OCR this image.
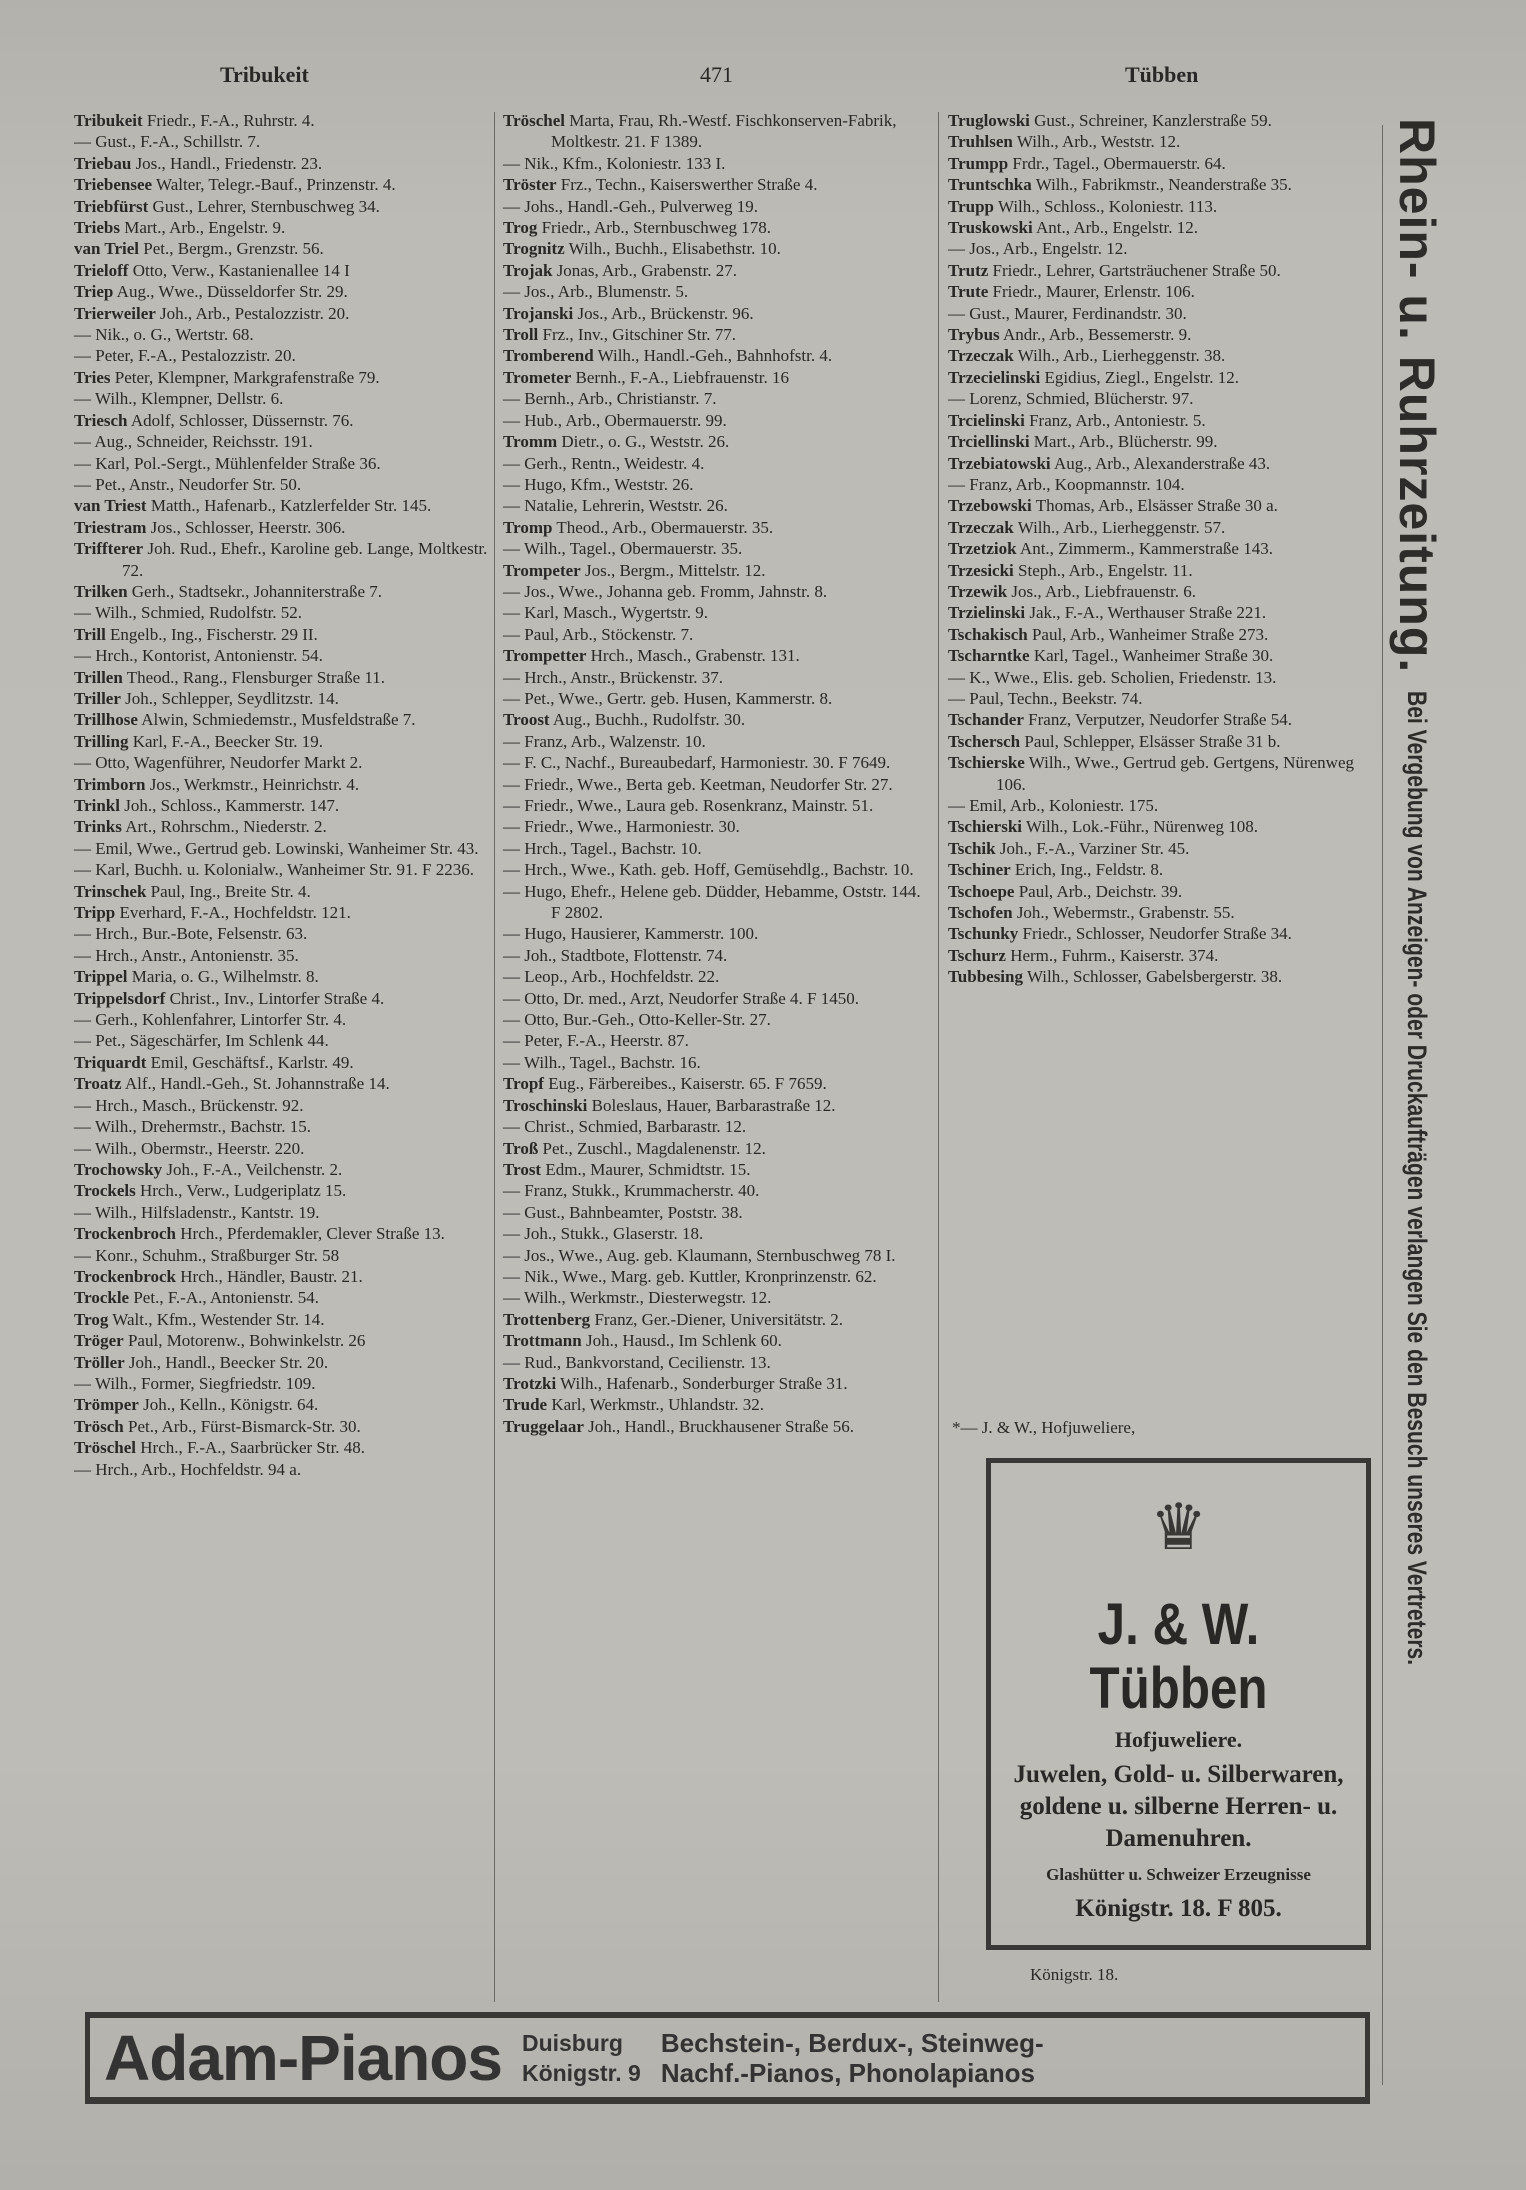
Tribukeit	471	Tübben
Tribukeit Friedr., F.-A., Ruhrstr. 4.
— Gust., F.-A., Schillstr. 7.
Triebau Jos., Handl., Friedenstr. 23.
Triebensee Walter, Telegr.-Bauf., Prinzenstr. 4.
Triebfürst Gust., Lehrer, Sternbuschweg 34.
Triebs Mart., Arb., Engelstr. 9.
van Triel Pet., Bergm., Grenzstr. 56.
Trieloff Otto, Verw., Kastanienallee 14 I
Triep Aug., Wwe., Düsseldorfer Str. 29.
Trierweiler Joh., Arb., Pestalozzistr. 20.
— Nik., o. G., Wertstr. 68.
— Peter, F.-A., Pestalozzistr. 20.
Tries Peter, Klempner, Markgrafenstraße 79.
— Wilh., Klempner, Dellstr. 6.
Triesch Adolf, Schlosser, Düssernstr. 76.
— Aug., Schneider, Reichsstr. 191.
— Karl, Pol.-Sergt., Mühlenfelder Straße 36.
— Pet., Anstr., Neudorfer Str. 50.
van Triest Matth., Hafenarb., Katzlerfelder Str. 145.
Triestram Jos., Schlosser, Heerstr. 306.
Triffterer Joh. Rud., Ehefr., Karoline geb. Lange, Moltkestr. 72.
Trilken Gerh., Stadtsekr., Johanniterstraße 7.
— Wilh., Schmied, Rudolfstr. 52.
Trill Engelb., Ing., Fischerstr. 29 II.
— Hrch., Kontorist, Antonienstr. 54.
Trillen Theod., Rang., Flensburger Straße 11.
Triller Joh., Schlepper, Seydlitzstr. 14.
Trillhose Alwin, Schmiedemstr., Musfeldstraße 7.
Trilling Karl, F.-A., Beecker Str. 19.
— Otto, Wagenführer, Neudorfer Markt 2.
Trimborn Jos., Werkmstr., Heinrichstr. 4.
Trinkl Joh., Schloss., Kammerstr. 147.
Trinks Art., Rohrschm., Niederstr. 2.
— Emil, Wwe., Gertrud geb. Lowinski, Wanheimer Str. 43.
— Karl, Buchh. u. Kolonialw., Wanheimer Str. 91. F 2236.
Trinschek Paul, Ing., Breite Str. 4.
Tripp Everhard, F.-A., Hochfeldstr. 121.
— Hrch., Bur.-Bote, Felsenstr. 63.
— Hrch., Anstr., Antonienstr. 35.
Trippel Maria, o. G., Wilhelmstr. 8.
Trippelsdorf Christ., Inv., Lintorfer Straße 4.
— Gerh., Kohlenfahrer, Lintorfer Str. 4.
— Pet., Sägeschärfer, Im Schlenk 44.
Triquardt Emil, Geschäftsf., Karlstr. 49.
Troatz Alf., Handl.-Geh., St. Johannstraße 14.
— Hrch., Masch., Brückenstr. 92.
— Wilh., Drehermstr., Bachstr. 15.
— Wilh., Obermstr., Heerstr. 220.
Trochowsky Joh., F.-A., Veilchenstr. 2.
Trockels Hrch., Verw., Ludgeriplatz 15.
— Wilh., Hilfsladenstr., Kantstr. 19.
Trockenbroch Hrch., Pferdemakler, Clever Straße 13.
— Konr., Schuhm., Straßburger Str. 58
Trockenbrock Hrch., Händler, Baustr. 21.
Trockle Pet., F.-A., Antonienstr. 54.
Trog Walt., Kfm., Westender Str. 14.
Tröger Paul, Motorenw., Bohwinkelstr. 26
Tröller Joh., Handl., Beecker Str. 20.
— Wilh., Former, Siegfriedstr. 109.
Trömper Joh., Kelln., Königstr. 64.
Trösch Pet., Arb., Fürst-Bismarck-Str. 30.
Tröschel Hrch., F.-A., Saarbrücker Str. 48.
— Hrch., Arb., Hochfeldstr. 94 a.
Tröschel Marta, Frau, Rh.-Westf. Fischkonserven-Fabrik, Moltkestr. 21. F 1389.
— Nik., Kfm., Koloniestr. 133 I.
Tröster Frz., Techn., Kaiserswerther Straße 4.
— Johs., Handl.-Geh., Pulverweg 19.
Trog Friedr., Arb., Sternbuschweg 178.
Trognitz Wilh., Buchh., Elisabethstr. 10.
Trojak Jonas, Arb., Grabenstr. 27.
— Jos., Arb., Blumenstr. 5.
Trojanski Jos., Arb., Brückenstr. 96.
Troll Frz., Inv., Gitschiner Str. 77.
Tromberend Wilh., Handl.-Geh., Bahnhofstr. 4.
Trometer Bernh., F.-A., Liebfrauenstr. 16
— Bernh., Arb., Christianstr. 7.
— Hub., Arb., Obermauerstr. 99.
Tromm Dietr., o. G., Weststr. 26.
— Gerh., Rentn., Weidestr. 4.
— Hugo, Kfm., Weststr. 26.
— Natalie, Lehrerin, Weststr. 26.
Tromp Theod., Arb., Obermauerstr. 35.
— Wilh., Tagel., Obermauerstr. 35.
Trompeter Jos., Bergm., Mittelstr. 12.
— Jos., Wwe., Johanna geb. Fromm, Jahnstr. 8.
— Karl, Masch., Wygertstr. 9.
— Paul, Arb., Stöckenstr. 7.
Trompetter Hrch., Masch., Grabenstr. 131.
— Hrch., Anstr., Brückenstr. 37.
— Pet., Wwe., Gertr. geb. Husen, Kammerstr. 8.
Troost Aug., Buchh., Rudolfstr. 30.
— Franz, Arb., Walzenstr. 10.
— F. C., Nachf., Bureaubedarf, Harmoniestr. 30. F 7649.
— Friedr., Wwe., Berta geb. Keetman, Neudorfer Str. 27.
— Friedr., Wwe., Laura geb. Rosenkranz, Mainstr. 51.
— Friedr., Wwe., Harmoniestr. 30.
— Hrch., Tagel., Bachstr. 10.
— Hrch., Wwe., Kath. geb. Hoff, Gemüsehdlg., Bachstr. 10.
— Hugo, Ehefr., Helene geb. Düdder, Hebamme, Oststr. 144. F 2802.
— Hugo, Hausierer, Kammerstr. 100.
— Joh., Stadtbote, Flottenstr. 74.
— Leop., Arb., Hochfeldstr. 22.
— Otto, Dr. med., Arzt, Neudorfer Straße 4. F 1450.
— Otto, Bur.-Geh., Otto-Keller-Str. 27.
— Peter, F.-A., Heerstr. 87.
— Wilh., Tagel., Bachstr. 16.
Tropf Eug., Färbereibes., Kaiserstr. 65. F 7659.
Troschinski Boleslaus, Hauer, Barbarastraße 12.
— Christ., Schmied, Barbarastr. 12.
Troß Pet., Zuschl., Magdalenenstr. 12.
Trost Edm., Maurer, Schmidtstr. 15.
— Franz, Stukk., Krummacherstr. 40.
— Gust., Bahnbeamter, Poststr. 38.
— Joh., Stukk., Glaserstr. 18.
— Jos., Wwe., Aug. geb. Klaumann, Sternbuschweg 78 I.
— Nik., Wwe., Marg. geb. Kuttler, Kronprinzenstr. 62.
— Wilh., Werkmstr., Diesterwegstr. 12.
Trottenberg Franz, Ger.-Diener, Universitätstr. 2.
Trottmann Joh., Hausd., Im Schlenk 60.
— Rud., Bankvorstand, Cecilienstr. 13.
Trotzki Wilh., Hafenarb., Sonderburger Straße 31.
Trude Karl, Werkmstr., Uhlandstr. 32.
Truggelaar Joh., Handl., Bruckhausener Straße 56.
Truglowski Gust., Schreiner, Kanzlerstraße 59.
Truhlsen Wilh., Arb., Weststr. 12.
Trumpp Frdr., Tagel., Obermauerstr. 64.
Truntschka Wilh., Fabrikmstr., Neanderstraße 35.
Trupp Wilh., Schloss., Koloniestr. 113.
Truskowski Ant., Arb., Engelstr. 12.
— Jos., Arb., Engelstr. 12.
Trutz Friedr., Lehrer, Gartsträuchener Straße 50.
Trute Friedr., Maurer, Erlenstr. 106.
— Gust., Maurer, Ferdinandstr. 30.
Trybus Andr., Arb., Bessemerstr. 9.
Trzeczak Wilh., Arb., Lierheggenstr. 38.
Trzecielinski Egidius, Ziegl., Engelstr. 12.
— Lorenz, Schmied, Blücherstr. 97.
Trcielinski Franz, Arb., Antoniestr. 5.
Trciellinski Mart., Arb., Blücherstr. 99.
Trzebiatowski Aug., Arb., Alexanderstraße 43.
— Franz, Arb., Koopmannstr. 104.
Trzebowski Thomas, Arb., Elsässer Straße 30 a.
Trzeczak Wilh., Arb., Lierheggenstr. 57.
Trzetziok Ant., Zimmerm., Kammerstraße 143.
Trzesicki Steph., Arb., Engelstr. 11.
Trzewik Jos., Arb., Liebfrauenstr. 6.
Trzielinski Jak., F.-A., Werthauser Straße 221.
Tschakisch Paul, Arb., Wanheimer Straße 273.
Tscharntke Karl, Tagel., Wanheimer Straße 30.
— K., Wwe., Elis. geb. Scholien, Friedenstr. 13.
— Paul, Techn., Beekstr. 74.
Tschander Franz, Verputzer, Neudorfer Straße 54.
Tschersch Paul, Schlepper, Elsässer Straße 31 b.
Tschierske Wilh., Wwe., Gertrud geb. Gertgens, Nürenweg 106.
— Emil, Arb., Koloniestr. 175.
Tschierski Wilh., Lok.-Führ., Nürenweg 108.
Tschik Joh., F.-A., Varziner Str. 45.
Tschiner Erich, Ing., Feldstr. 8.
Tschoepe Paul, Arb., Deichstr. 39.
Tschofen Joh., Webermstr., Grabenstr. 55.
Tschunky Friedr., Schlosser, Neudorfer Straße 34.
Tschurz Herm., Fuhrm., Kaiserstr. 374.
Tubbesing Wilh., Schlosser, Gabelsbergerstr. 38.
*— J. & W., Hofjuweliere,
♛
J. & W. Tübben
Hofjuweliere.
Juwelen, Gold- u. Silberwaren, goldene u. silberne Herren- u. Damenuhren.
Glashütter u. Schweizer Erzeugnisse
Königstr. 18. F 805.
Königstr. 18.
Rhein- u. Ruhrzeitung.
Bei Vergebung von Anzeigen- oder Druckaufträgen verlangen Sie den Besuch unseres Vertreters.
Adam-Pianos Duisburg
Königstr. 9
Bechstein-, Berdux-, Steinweg-
Nachf.-Pianos, Phonolapianos
